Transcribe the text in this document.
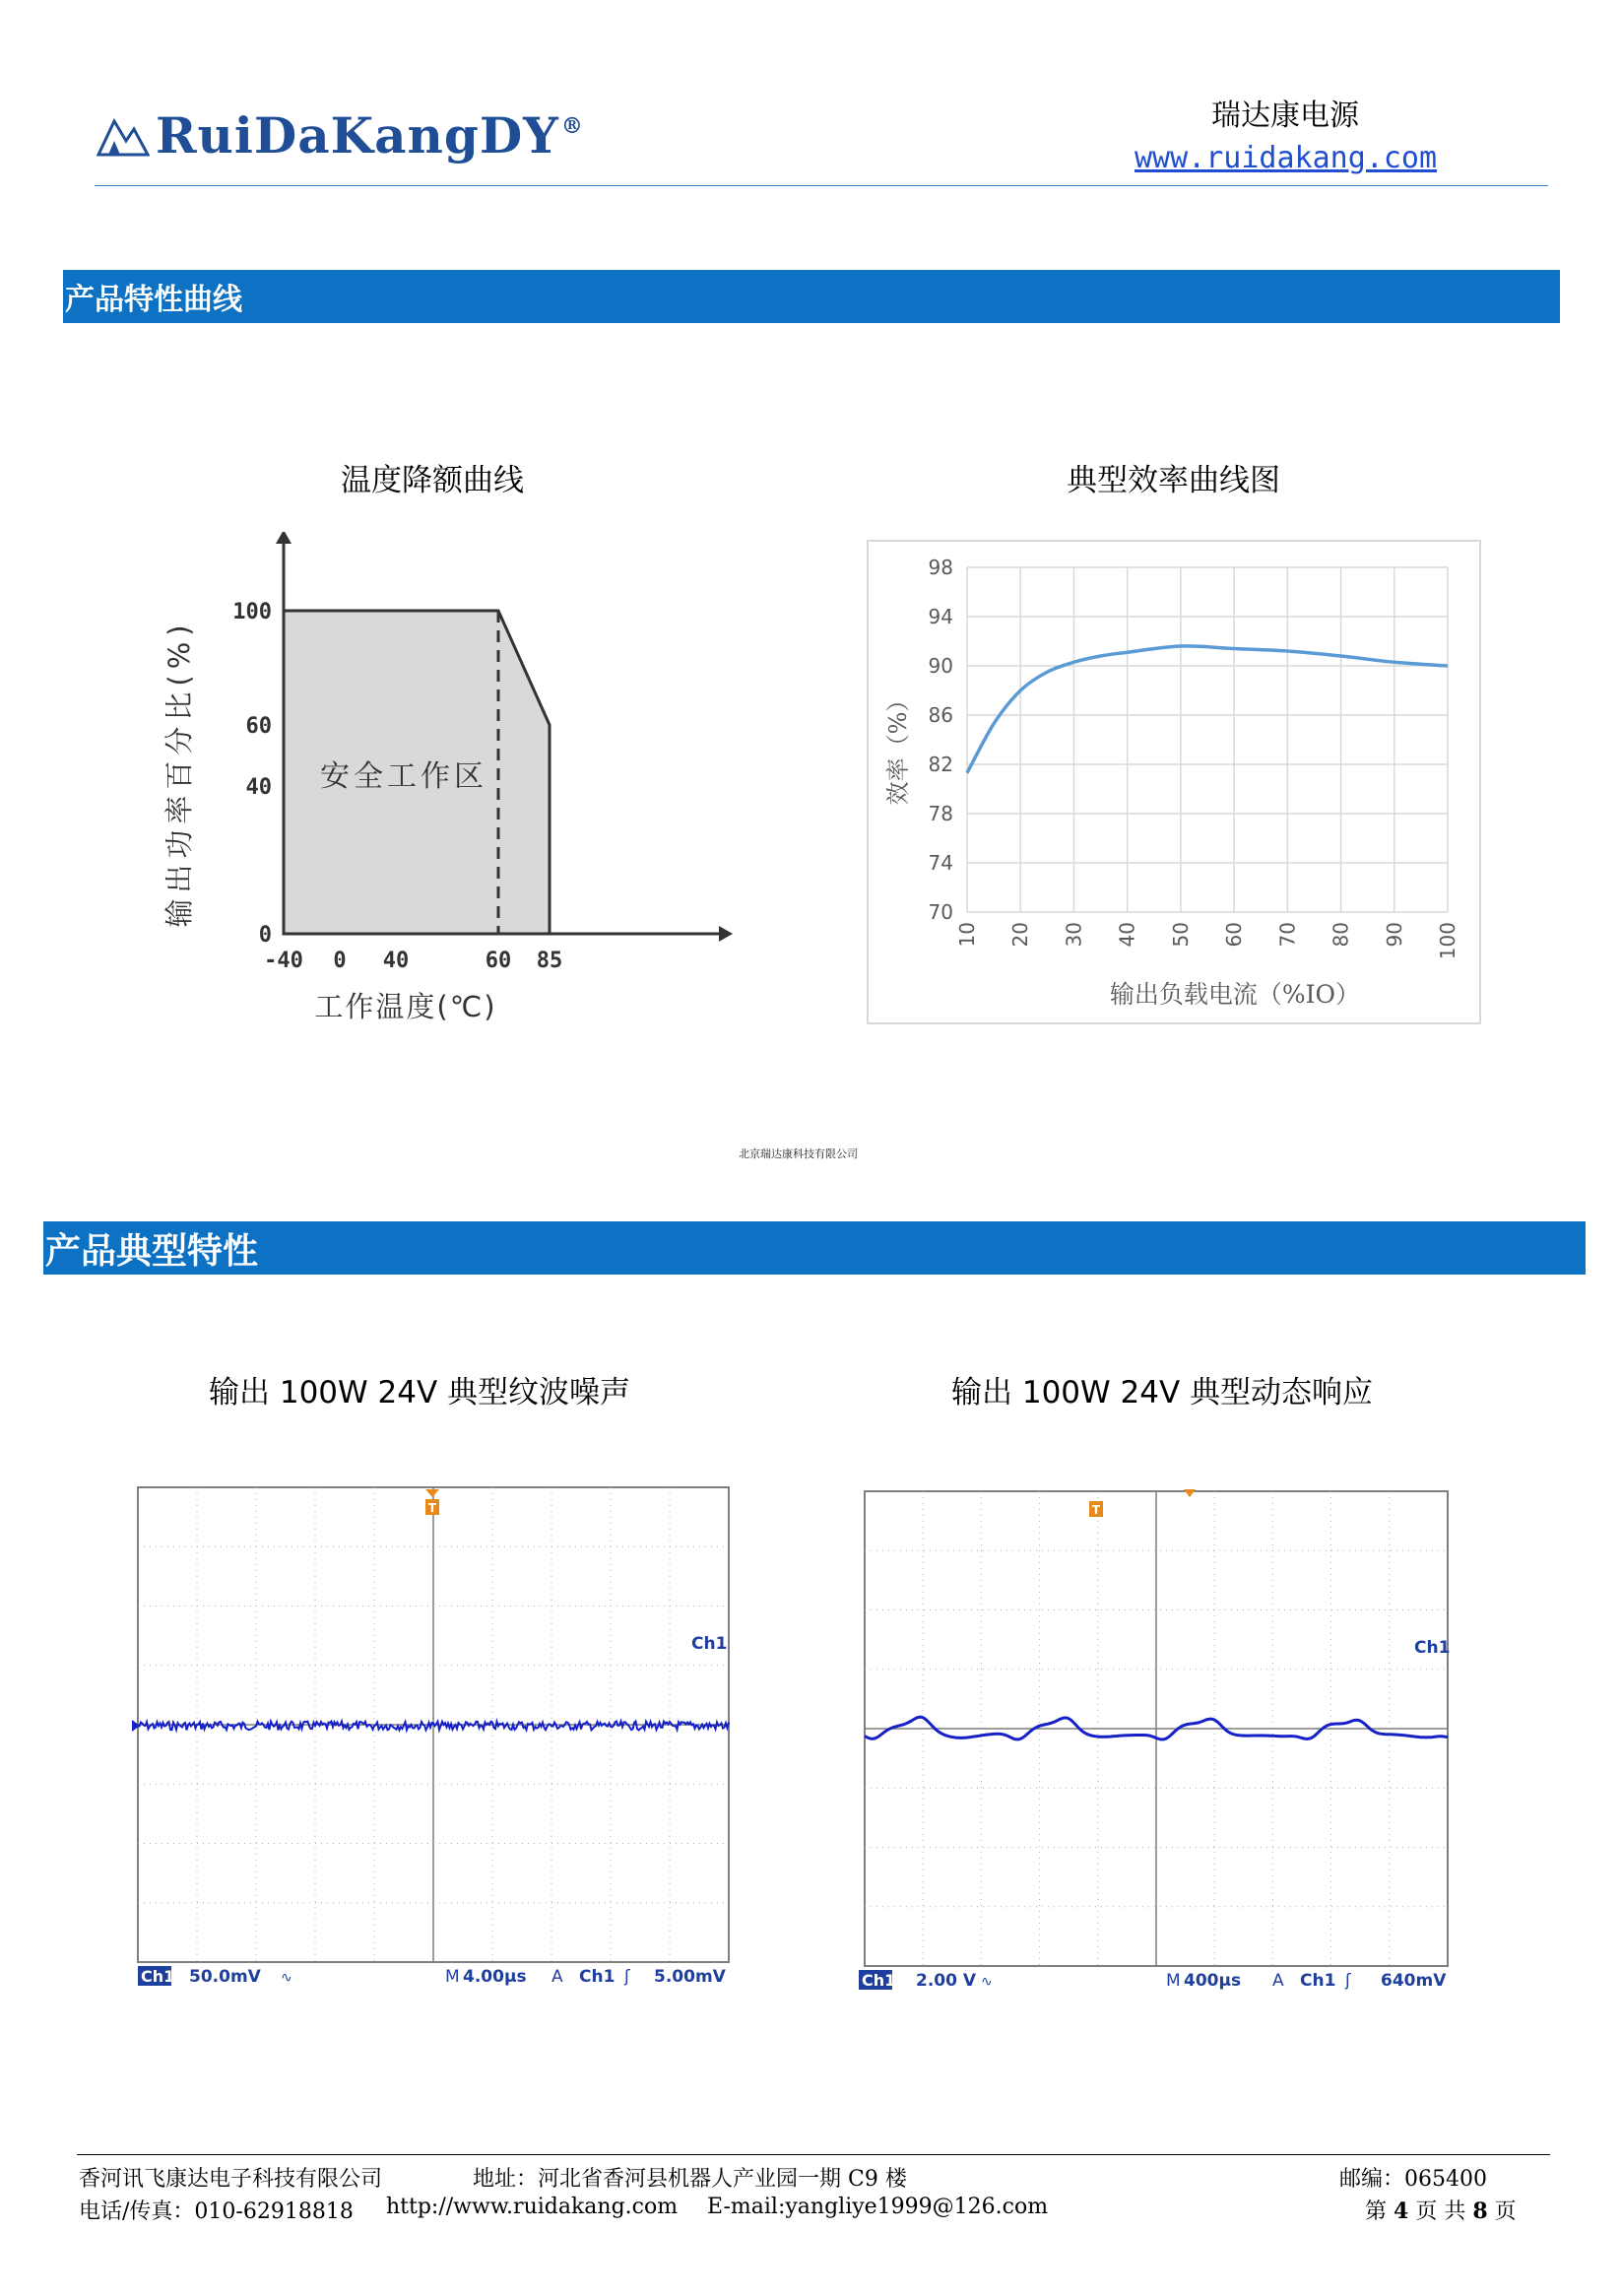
RuiDaKangDY®	瑞达康电源
www.ruidakang.com
产品特性曲线
温度降额曲线
-40 0 40	60 85
100
60
40
0
安全工作区
输出功率百分比(%)
工作温度(℃)
典型效率曲线图
98
94
90
86
82
78
74
70
10 20 30 40 50 60 70 80 90 100
效率（%）
输出负载电流（%IO）
北京瑞达康科技有限公司
产品典型特性
输出 100W 24V 典型纹波噪声	输出 100W 24V 典型动态响应
T
Ch1
Ch1 50.0mV ∿	M 4.00µs A Ch1 ʃ 5.00mV
T
Ch1
Ch1 2.00 V ∿	M 400µs A Ch1 ʃ 640mV
香河讯飞康达电子科技有限公司	地址：河北省香河县机器人产业园一期 C9 楼	邮编：065400
电话/传真：010-62918818 http://www.ruidakang.com E-mail:yangliye1999@126.com	第 4 页 共 8 页
